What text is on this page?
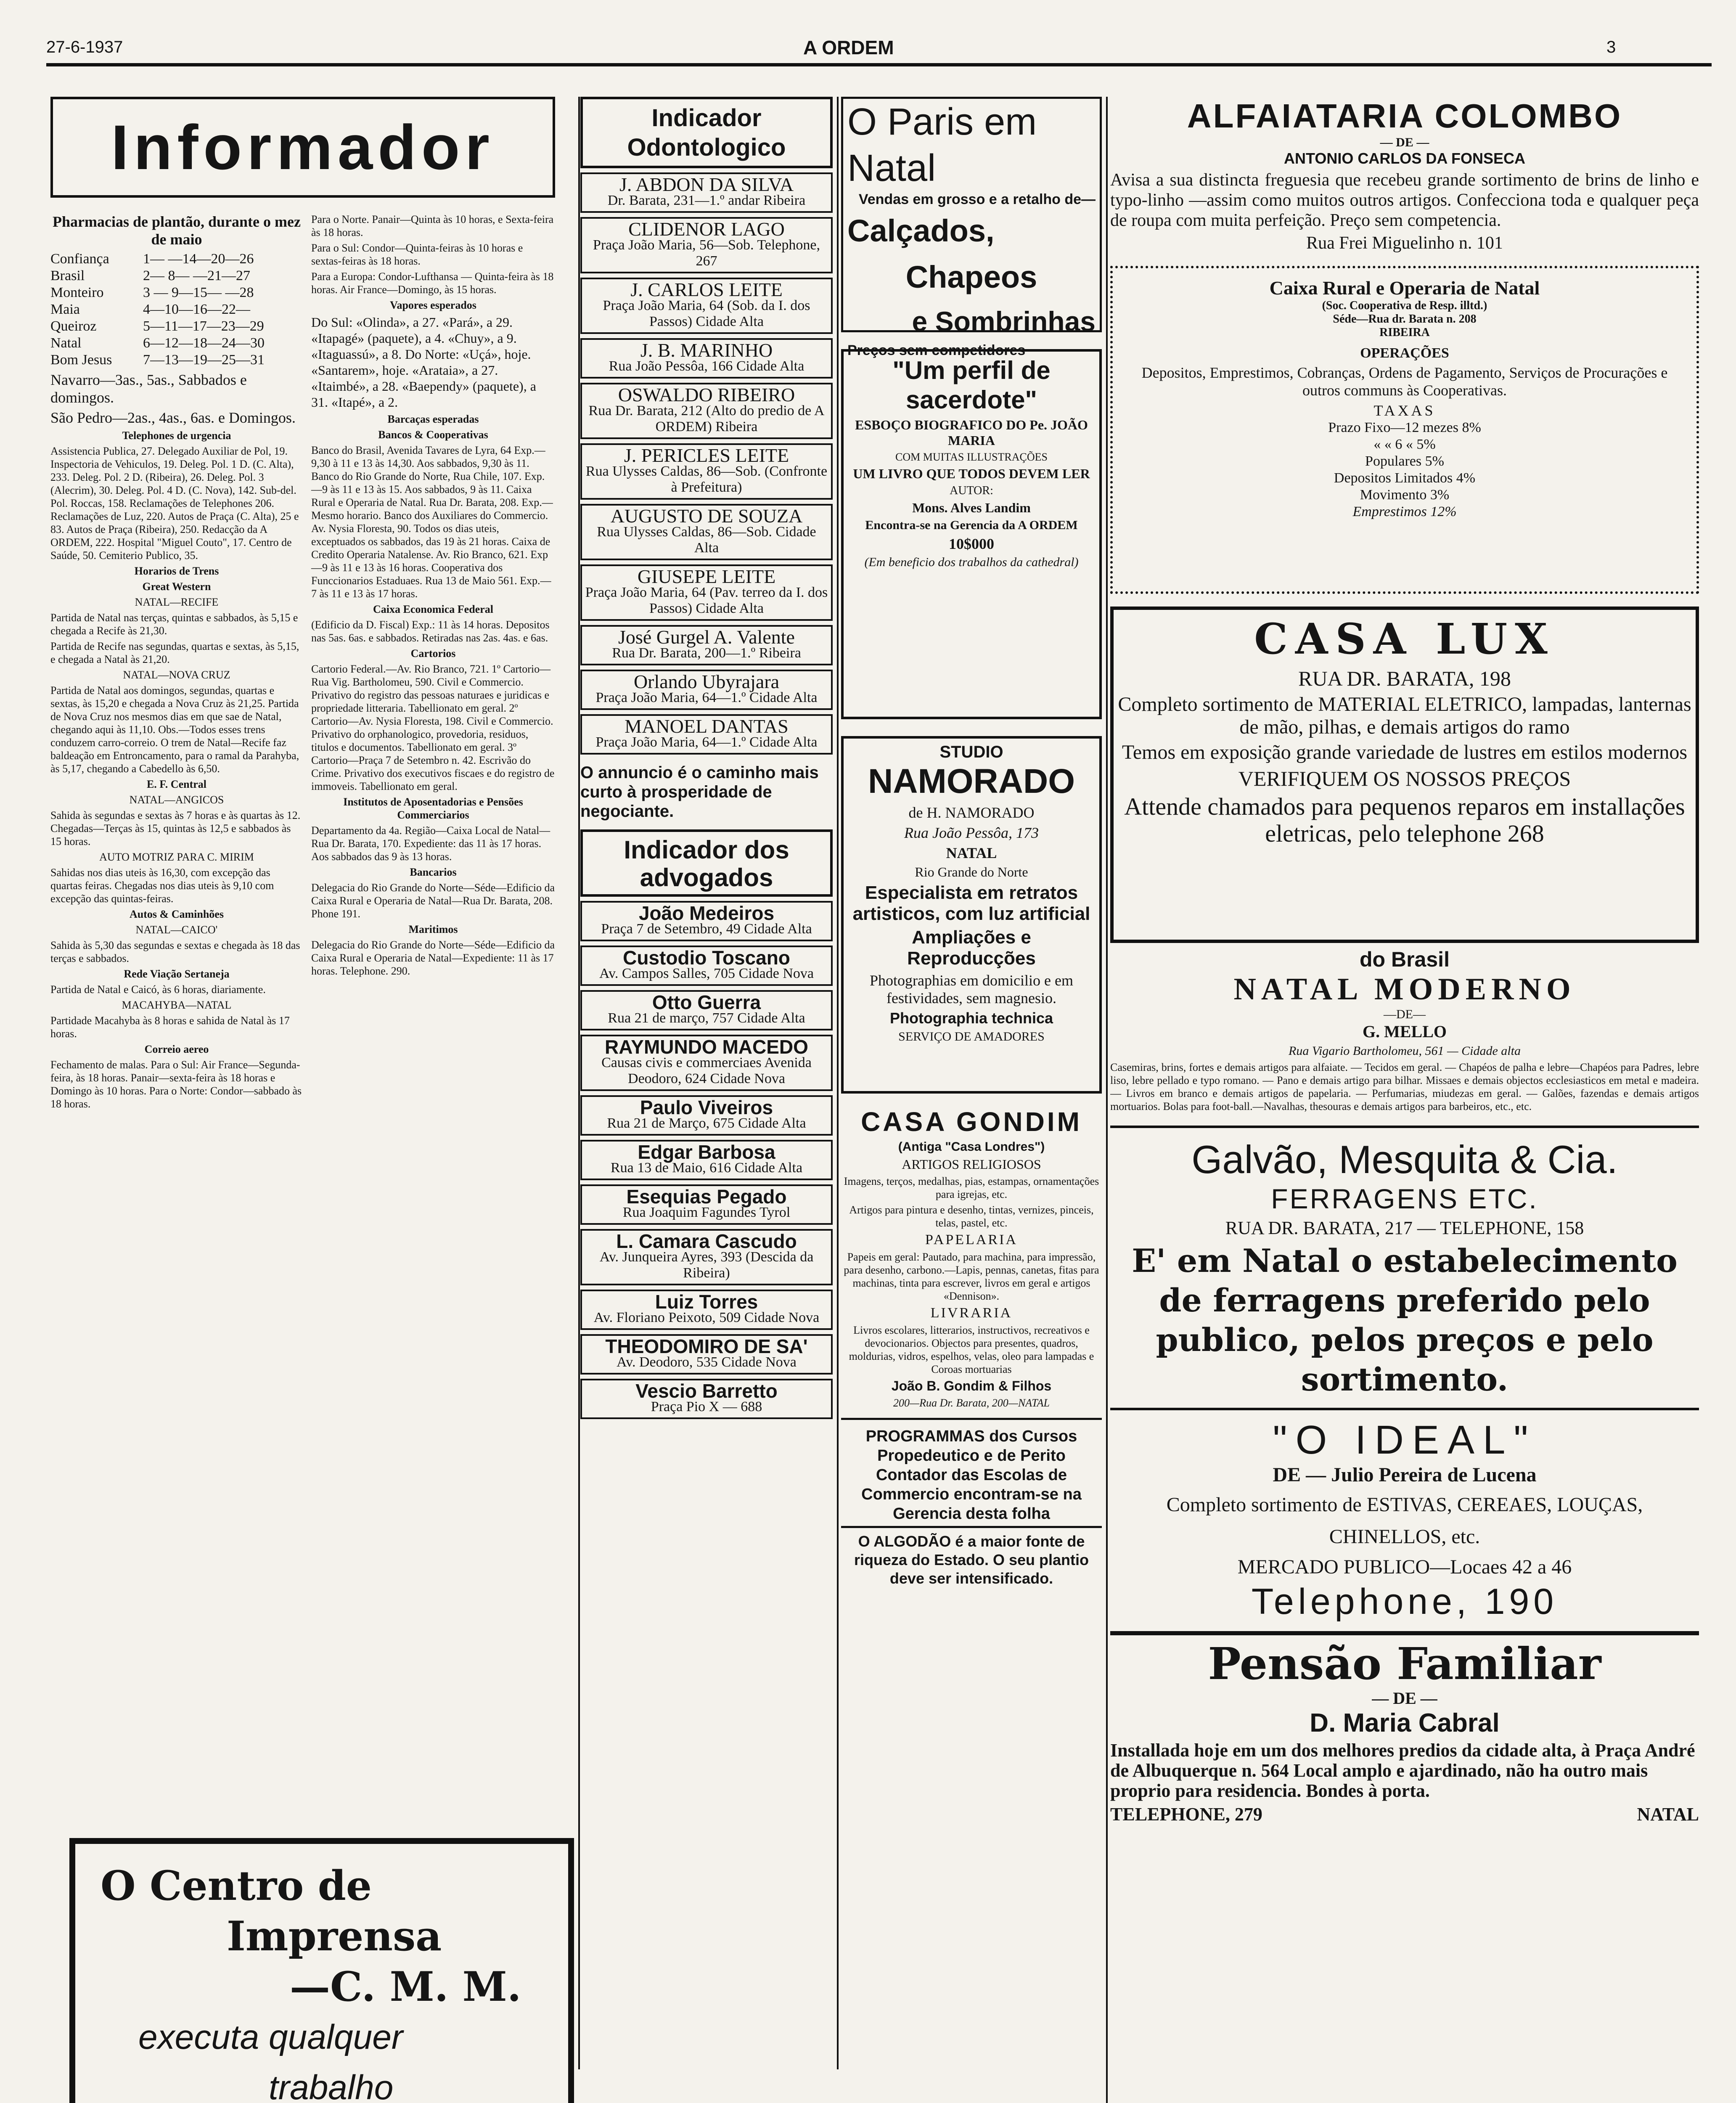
27-6-1937	A ORDEM	3
Informador

Pharmacias de plantão, durante o mez de maio

Confiança	1— —14—20—26
Brasil	2— 8— —21—27
Monteiro	3 — 9—15— —28
Maia	4—10—16—22—
Queiroz	5—11—17—23—29
Natal	6—12—18—24—30
Bom Jesus	7—13—19—25—31

Navarro—3as., 5as., Sabbados e domingos.

São Pedro—2as., 4as., 6as. e Domingos.

Telephones de urgencia

Assistencia Publica, 27. Delegado Auxiliar de Pol, 19. Inspectoria de Vehiculos, 19. Deleg. Pol. 1 D. (C. Alta), 233. Deleg. Pol. 2 D. (Ribeira), 26. Deleg. Pol. 3 (Alecrim), 30. Deleg. Pol. 4 D. (C. Nova), 142. Sub-del. Pol. Roccas, 158. Reclamações de Telephones 206. Reclamações de Luz, 220. Autos de Praça (C. Alta), 25 e 83. Autos de Praça (Ribeira), 250. Redacção da A ORDEM, 222. Hospital "Miguel Couto", 17. Centro de Saúde, 50. Cemiterio Publico, 35.

Horarios de Trens

Great Western

NATAL—RECIFE

Partida de Natal nas terças, quintas e sabbados, às 5,15 e chegada a Recife às 21,30.

Partida de Recife nas segundas, quartas e sextas, às 5,15, e chegada a Natal às 21,20.

NATAL—NOVA CRUZ

Partida de Natal aos domingos, segundas, quartas e sextas, às 15,20 e chegada a Nova Cruz às 21,25. Partida de Nova Cruz nos mesmos dias em que sae de Natal, chegando aqui às 11,10. Obs.—Todos esses trens conduzem carro-correio. O trem de Natal—Recife faz baldeação em Entroncamento, para o ramal da Parahyba, às 5,17, chegando a Cabedello às 6,50.

E. F. Central

NATAL—ANGICOS

Sahida às segundas e sextas às 7 horas e às quartas às 12. Chegadas—Terças às 15, quintas às 12,5 e sabbados às 15 horas.

AUTO MOTRIZ PARA C. MIRIM

Sahidas nos dias uteis às 16,30, com excepção das quartas feiras. Chegadas nos dias uteis às 9,10 com excepção das quintas-feiras.

Autos & Caminhões

NATAL—CAICO'

Sahida às 5,30 das segundas e sextas e chegada às 18 das terças e sabbados.

Rede Viação Sertaneja

Partida de Natal e Caicó, às 6 horas, diariamente.

MACAHYBA—NATAL

Partidade Macahyba às 8 horas e sahida de Natal às 17 horas.

Correio aereo

Fechamento de malas. Para o Sul: Air France—Segunda-feira, às 18 horas. Panair—sexta-feira às 18 horas e Domingo às 10 horas. Para o Norte: Condor—sabbado às 18 horas.

Para o Norte. Panair—Quinta às 10 horas, e Sexta-feira às 18 horas.

Para o Sul: Condor—Quinta-feiras às 10 horas e sextas-feiras às 18 horas.

Para a Europa: Condor-Lufthansa — Quinta-feira às 18 horas. Air France—Domingo, às 15 horas.

Vapores esperados

Do Sul: «Olinda», a 27. «Pará», a 29. «Itapagé» (paquete), a 4. «Chuy», a 9. «Itaguassú», a 8. Do Norte: «Uçá», hoje. «Santarem», hoje. «Arataia», a 27. «Itaimbé», a 28. «Baependy» (paquete), a 31. «Itapé», a 2.

Barcaças esperadas

Bancos & Cooperativas

Banco do Brasil, Avenida Tavares de Lyra, 64 Exp.—9,30 à 11 e 13 às 14,30. Aos sabbados, 9,30 às 11. Banco do Rio Grande do Norte, Rua Chile, 107. Exp.—9 às 11 e 13 às 15. Aos sabbados, 9 às 11. Caixa Rural e Operaria de Natal. Rua Dr. Barata, 208. Exp.—Mesmo horario. Banco dos Auxiliares do Commercio. Av. Nysia Floresta, 90. Todos os dias uteis, exceptuados os sabbados, das 19 às 21 horas. Caixa de Credito Operaria Natalense. Av. Rio Branco, 621. Exp—9 às 11 e 13 às 16 horas. Cooperativa dos Funccionarios Estaduaes. Rua 13 de Maio 561. Exp.—7 às 11 e 13 às 17 horas.

Caixa Economica Federal

(Edificio da D. Fiscal) Exp.: 11 às 14 horas. Depositos nas 5as. 6as. e sabbados. Retiradas nas 2as. 4as. e 6as.

Cartorios

Cartorio Federal.—Av. Rio Branco, 721. 1º Cartorio—Rua Vig. Bartholomeu, 590. Civil e Commercio. Privativo do registro das pessoas naturaes e juridicas e propriedade litteraria. Tabellionato em geral. 2º Cartorio—Av. Nysia Floresta, 198. Civil e Commercio. Privativo do orphanologico, provedoria, residuos, titulos e documentos. Tabellionato em geral. 3º Cartorio—Praça 7 de Setembro n. 42. Escrivão do Crime. Privativo dos executivos fiscaes e do registro de immoveis. Tabellionato em geral.

Institutos de Aposentadorias e Pensões Commerciarios

Departamento da 4a. Região—Caixa Local de Natal—Rua Dr. Barata, 170. Expediente: das 11 às 17 horas. Aos sabbados das 9 às 13 horas.

Bancarios

Delegacia do Rio Grande do Norte—Séde—Edificio da Caixa Rural e Operaria de Natal—Rua Dr. Barata, 208. Phone 191.

Maritimos

Delegacia do Rio Grande do Norte—Séde—Edificio da Caixa Rural e Operaria de Natal—Expediente: 11 às 17 horas. Telephone. 290.

O Centro de
Imprensa
—C. M. M.
executa qualquer
trabalho
Indicador Odontologico
J. ABDON DA SILVA
Dr. Barata, 231—1.º andar Ribeira
CLIDENOR LAGO
Praça João Maria, 56—Sob. Telephone, 267
J. CARLOS LEITE
Praça João Maria, 64 (Sob. da I. dos Passos) Cidade Alta
J. B. MARINHO
Rua João Pessôa, 166 Cidade Alta
OSWALDO RIBEIRO
Rua Dr. Barata, 212 (Alto do predio de A ORDEM) Ribeira
J. PERICLES LEITE
Rua Ulysses Caldas, 86—Sob. (Confronte à Prefeitura)
AUGUSTO DE SOUZA
Rua Ulysses Caldas, 86—Sob. Cidade Alta
GIUSEPE LEITE
Praça João Maria, 64 (Pav. terreo da I. dos Passos) Cidade Alta
José Gurgel A. Valente
Rua Dr. Barata, 200—1.º Ribeira
Orlando Ubyrajara
Praça João Maria, 64—1.º Cidade Alta
MANOEL DANTAS
Praça João Maria, 64—1.º Cidade Alta
O annuncio é o caminho mais curto à prosperidade de negociante.
Indicador dos advogados
João Medeiros
Praça 7 de Setembro, 49 Cidade Alta
Custodio Toscano
Av. Campos Salles, 705 Cidade Nova
Otto Guerra
Rua 21 de março, 757 Cidade Alta
RAYMUNDO MACEDO
Causas civis e commerciaes Avenida Deodoro, 624 Cidade Nova
Paulo Viveiros
Rua 21 de Março, 675 Cidade Alta
Edgar Barbosa
Rua 13 de Maio, 616 Cidade Alta
Esequias Pegado
Rua Joaquim Fagundes Tyrol
L. Camara Cascudo
Av. Junqueira Ayres, 393 (Descida da Ribeira)
Luiz Torres
Av. Floriano Peixoto, 509 Cidade Nova
THEODOMIRO DE SA'
Av. Deodoro, 535 Cidade Nova
Vescio Barretto
Praça Pio X — 688
O Paris em Natal
Vendas em grosso e a retalho de—
Calçados,
Chapeos
e Sombrinhas
Preços sem competidores
"Um perfil de sacerdote"

ESBOÇO BIOGRAFICO DO Pe. JOÃO MARIA

COM MUITAS ILLUSTRAÇÕES

UM LIVRO QUE TODOS DEVEM LER

AUTOR:

Mons. Alves Landim

Encontra-se na Gerencia da A ORDEM

10$000

(Em beneficio dos trabalhos da cathedral)

STUDIO NAMORADO

de H. NAMORADO

Rua João Pessôa, 173

NATAL

Rio Grande do Norte

Especialista em retratos artisticos, com luz artificial

Ampliações e Reproducções

Photographias em domicilio e em festividades, sem magnesio.

Photographia technica

SERVIÇO DE AMADORES

CASA GONDIM

(Antiga "Casa Londres")

ARTIGOS RELIGIOSOS

Imagens, terços, medalhas, pias, estampas, ornamentações para igrejas, etc.

Artigos para pintura e desenho, tintas, vernizes, pinceis, telas, pastel, etc.

PAPELARIA

Papeis em geral: Pautado, para machina, para impressão, para desenho, carbono.—Lapis, pennas, canetas, fitas para machinas, tinta para escrever, livros em geral e artigos «Dennison».

LIVRARIA

Livros escolares, litterarios, instructivos, recreativos e devocionarios. Objectos para presentes, quadros, moldurias, vidros, espelhos, velas, oleo para lampadas e Coroas mortuarias

João B. Gondim & Filhos

200—Rua Dr. Barata, 200—NATAL

PROGRAMMAS dos Cursos Propedeutico e de Perito Contador das Escolas de Commercio encontram-se na Gerencia desta folha

O ALGODÃO é a maior fonte de riqueza do Estado. O seu plantio deve ser intensificado.

ALFAIATARIA COLOMBO
— DE —
ANTONIO CARLOS DA FONSECA

Avisa a sua distincta freguesia que recebeu grande sortimento de brins de linho e typo-linho —assim como muitos outros artigos. Confecciona toda e qualquer peça de roupa com muita perfeição. Preço sem competencia.

Rua Frei Miguelinho n. 101

Caixa Rural e Operaria de Natal
(Soc. Cooperativa de Resp. illtd.)
Séde—Rua dr. Barata n. 208
RIBEIRA
OPERAÇÕES

Depositos, Emprestimos, Cobranças, Ordens de Pagamento, Serviços de Procurações e outros communs às Cooperativas.

TAXAS
Prazo Fixo—12 mezes 8%
« « 6 « 5%
Populares 5%
Depositos Limitados 4%
Movimento 3%
Emprestimos 12%
CASA LUX

RUA DR. BARATA, 198

Completo sortimento de MATERIAL ELETRICO, lampadas, lanternas de mão, pilhas, e demais artigos do ramo

Temos em exposição grande variedade de lustres em estilos modernos

VERIFIQUEM OS NOSSOS PREÇOS

Attende chamados para pequenos reparos em installações eletricas, pelo telephone 268

do Brasil
NATAL MODERNO
—DE—
G. MELLO

Rua Vigario Bartholomeu, 561 — Cidade alta

Casemiras, brins, fortes e demais artigos para alfaiate. — Tecidos em geral. — Chapéos de palha e lebre—Chapéos para Padres, lebre liso, lebre pellado e typo romano. — Pano e demais artigo para bilhar. Missaes e demais objectos ecclesiasticos em metal e madeira. — Livros em branco e demais artigos de papelaria. — Perfumarias, miudezas em geral. — Galões, fazendas e demais artigos mortuarios. Bolas para foot-ball.—Navalhas, thesouras e demais artigos para barbeiros, etc., etc.

Galvão, Mesquita & Cia.
FERRAGENS ETC.

RUA DR. BARATA, 217 — TELEPHONE, 158

E' em Natal o estabelecimento de ferragens preferido pelo publico, pelos preços e pelo sortimento.

"O IDEAL"
DE — Julio Pereira de Lucena

Completo sortimento de ESTIVAS, CEREAES, LOUÇAS, CHINELLOS, etc.

MERCADO PUBLICO—Locaes 42 a 46

Telephone, 190
Pensão Familiar
— DE —
D. Maria Cabral

Installada hoje em um dos melhores predios da cidade alta, à Praça André de Albuquerque n. 564 Local amplo e ajardinado, não ha outro mais proprio para residencia. Bondes à porta.

TELEPHONE, 279	NATAL
